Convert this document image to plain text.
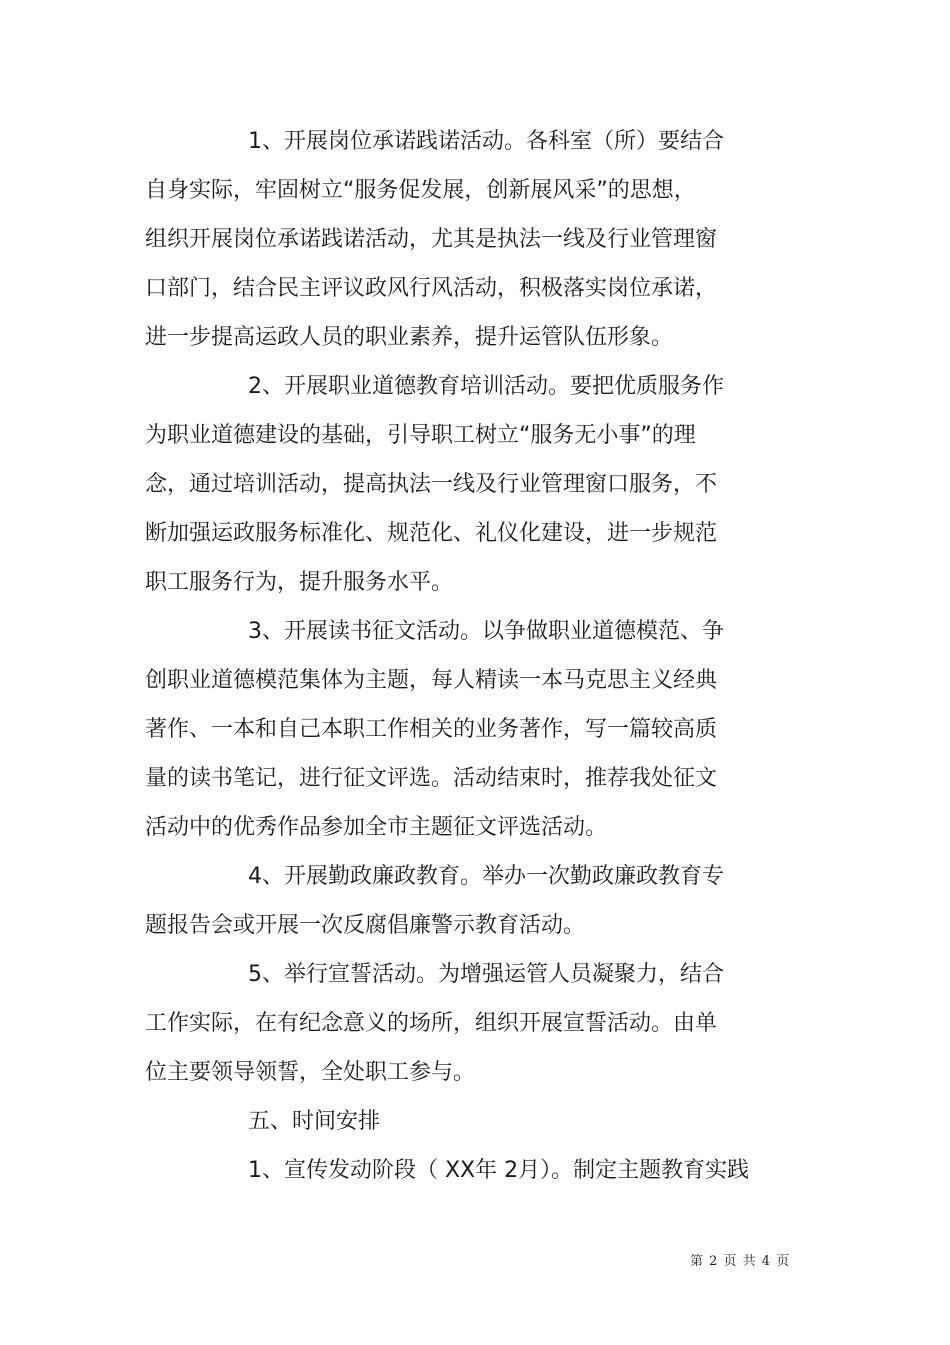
1、开展岗位承诺践诺活动。各科室（所）要结合
自身实际，牢固树立“服务促发展，创新展风采”的思想，
组织开展岗位承诺践诺活动，尤其是执法一线及行业管理窗
口部门，结合民主评议政风行风活动，积极落实岗位承诺，
进一步提高运政人员的职业素养，提升运管队伍形象。
2、开展职业道德教育培训活动。要把优质服务作
为职业道德建设的基础，引导职工树立“服务无小事”的理
念，通过培训活动，提高执法一线及行业管理窗口服务，不
断加强运政服务标准化、规范化、礼仪化建设，进一步规范
职工服务行为，提升服务水平。
3、开展读书征文活动。以争做职业道德模范、争
创职业道德模范集体为主题，每人精读一本马克思主义经典
著作、一本和自己本职工作相关的业务著作，写一篇较高质
量的读书笔记，进行征文评选。活动结束时，推荐我处征文
活动中的优秀作品参加全市主题征文评选活动。
4、开展勤政廉政教育。举办一次勤政廉政教育专
题报告会或开展一次反腐倡廉警示教育活动。
5、举行宣誓活动。为增强运管人员凝聚力，结合
工作实际，在有纪念意义的场所，组织开展宣誓活动。由单
位主要领导领誓，全处职工参与。
五、时间安排
1、宣传发动阶段（ XX年 2月）。制定主题教育实践
第 2 页 共 4 页
